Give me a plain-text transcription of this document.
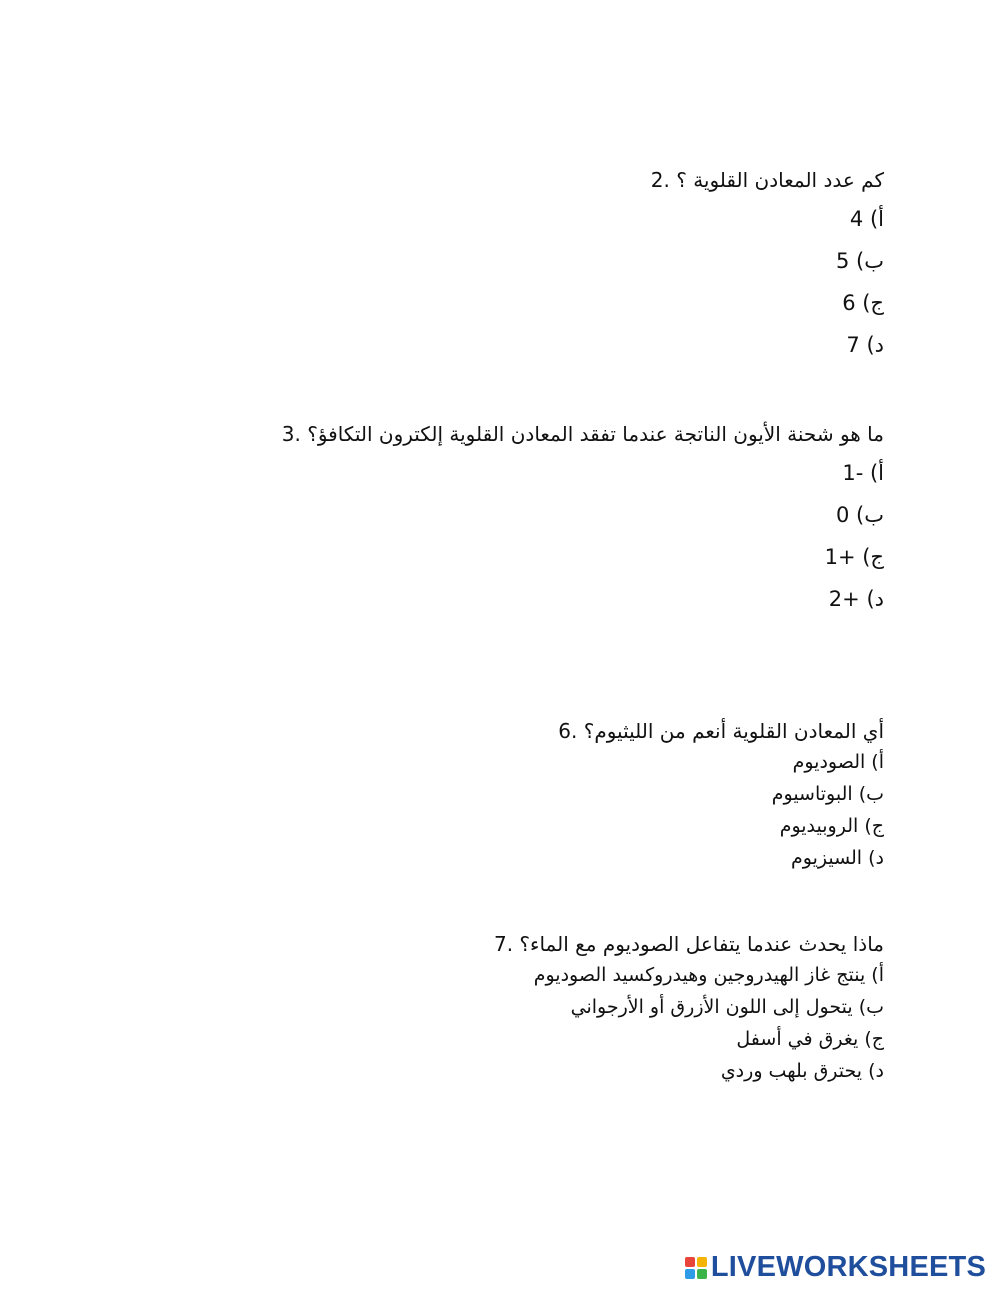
كم عدد المعادن القلوية ؟ .2
أ) 4
ب) 5
ج) 6
د) 7
ما هو شحنة الأيون الناتجة عندما تفقد المعادن القلوية إلكترون التكافؤ؟ .3
أ) -1
ب) 0
ج) +1
د) +2
أي المعادن القلوية أنعم من الليثيوم؟ .6
أ) الصوديوم
ب) البوتاسيوم
ج) الروبيديوم
د) السيزيوم
ماذا يحدث عندما يتفاعل الصوديوم مع الماء؟ .7
أ) ينتج غاز الهيدروجين وهيدروكسيد الصوديوم
ب) يتحول إلى اللون الأزرق أو الأرجواني
ج) يغرق في أسفل
د) يحترق بلهب وردي
LIVEWORKSHEETS
